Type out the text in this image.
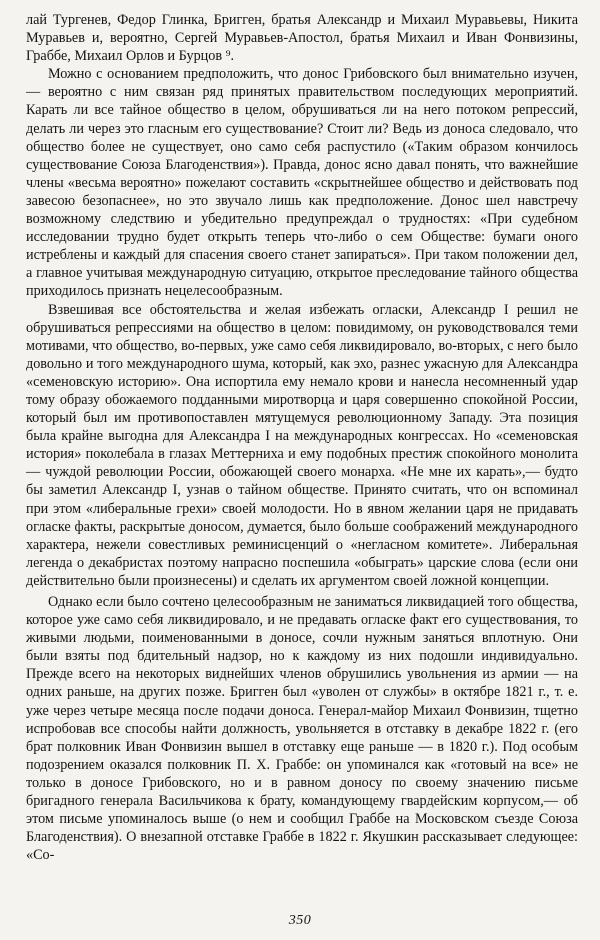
лай Тургенев, Федор Глинка, Бригген, братья Александр и Михаил Муравьевы, Никита Муравьев и, вероятно, Сергей Муравьев-Апостол, братья Михаил и Иван Фонвизины, Граббе, Михаил Орлов и Бурцов ⁹.

Можно с основанием предположить, что донос Грибовского был внимательно изучен,— вероятно с ним связан ряд принятых правительством последующих мероприятий. Карать ли все тайное общество в целом, обрушиваться ли на него потоком репрессий, делать ли через это гласным его существование? Стоит ли? Ведь из доноса следовало, что общество более не существует, оно само себя распустило («Таким образом кончилось существование Союза Благоденствия»). Правда, донос ясно давал понять, что важнейшие члены «весьма вероятно» пожелают составить «скрытнейшее общество и действовать под завесою безопаснее», но это звучало лишь как предположение. Донос шел навстречу возможному следствию и убедительно предупреждал о трудностях: «При судебном исследовании трудно будет открыть теперь что-либо о сем Обществе: бумаги оного истреблены и каждый для спасения своего станет запираться». При таком положении дел, а главное учитывая международную ситуацию, открытое преследование тайного общества приходилось признать нецелесообразным.

Взвешивая все обстоятельства и желая избежать огласки, Александр I решил не обрушиваться репрессиями на общество в целом: повидимому, он руководствовался теми мотивами, что общество, во-первых, уже само себя ликвидировало, во-вторых, с него было довольно и того международного шума, который, как эхо, разнес ужасную для Александра «семеновскую историю». Она испортила ему немало крови и нанесла несомненный удар тому образу обожаемого подданными миротворца и царя совершенно спокойной России, который был им противопоставлен мятущемуся революционному Западу. Эта позиция была крайне выгодна для Александра I на международных конгрессах. Но «семеновская история» поколебала в глазах Меттерниха и ему подобных престиж спокойного монолита — чуждой революции России, обожающей своего монарха. «Не мне их карать»,— будто бы заметил Александр I, узнав о тайном обществе. Принято считать, что он вспоминал при этом «либеральные грехи» своей молодости. Но в явном желании царя не придавать огласке факты, раскрытые доносом, думается, было больше соображений международного характера, нежели совестливых реминисценций о «негласном комитете». Либеральная легенда о декабристах поэтому напрасно поспешила «обыграть» царские слова (если они действительно были произнесены) и сделать их аргументом своей ложной концепции.

Однако если было сочтено целесообразным не заниматься ликвидацией того общества, которое уже само себя ликвидировало, и не предавать огласке факт его существования, то живыми людьми, поименованными в доносе, сочли нужным заняться вплотную. Они были взяты под бдительный надзор, но к каждому из них подошли индивидуально. Прежде всего на некоторых виднейших членов обрушились увольнения из армии — на одних раньше, на других позже. Бригген был «уволен от службы» в октябре 1821 г., т. е. уже через четыре месяца после подачи доноса. Генерал-майор Михаил Фонвизин, тщетно испробовав все способы найти должность, увольняется в отставку в декабре 1822 г. (его брат полковник Иван Фонвизин вышел в отставку еще раньше — в 1820 г.). Под особым подозрением оказался полковник П. Х. Граббе: он упоминался как «готовый на все» не только в доносе Грибовского, но и в равном доносу по своему значению письме бригадного генерала Васильчикова к брату, командующему гвардейским корпусом,— об этом письме упоминалось выше (о нем и сообщил Граббе на Московском съезде Союза Благоденствия). О внезапной отставке Граббе в 1822 г. Якушкин рассказывает следующее: «Со-

350
